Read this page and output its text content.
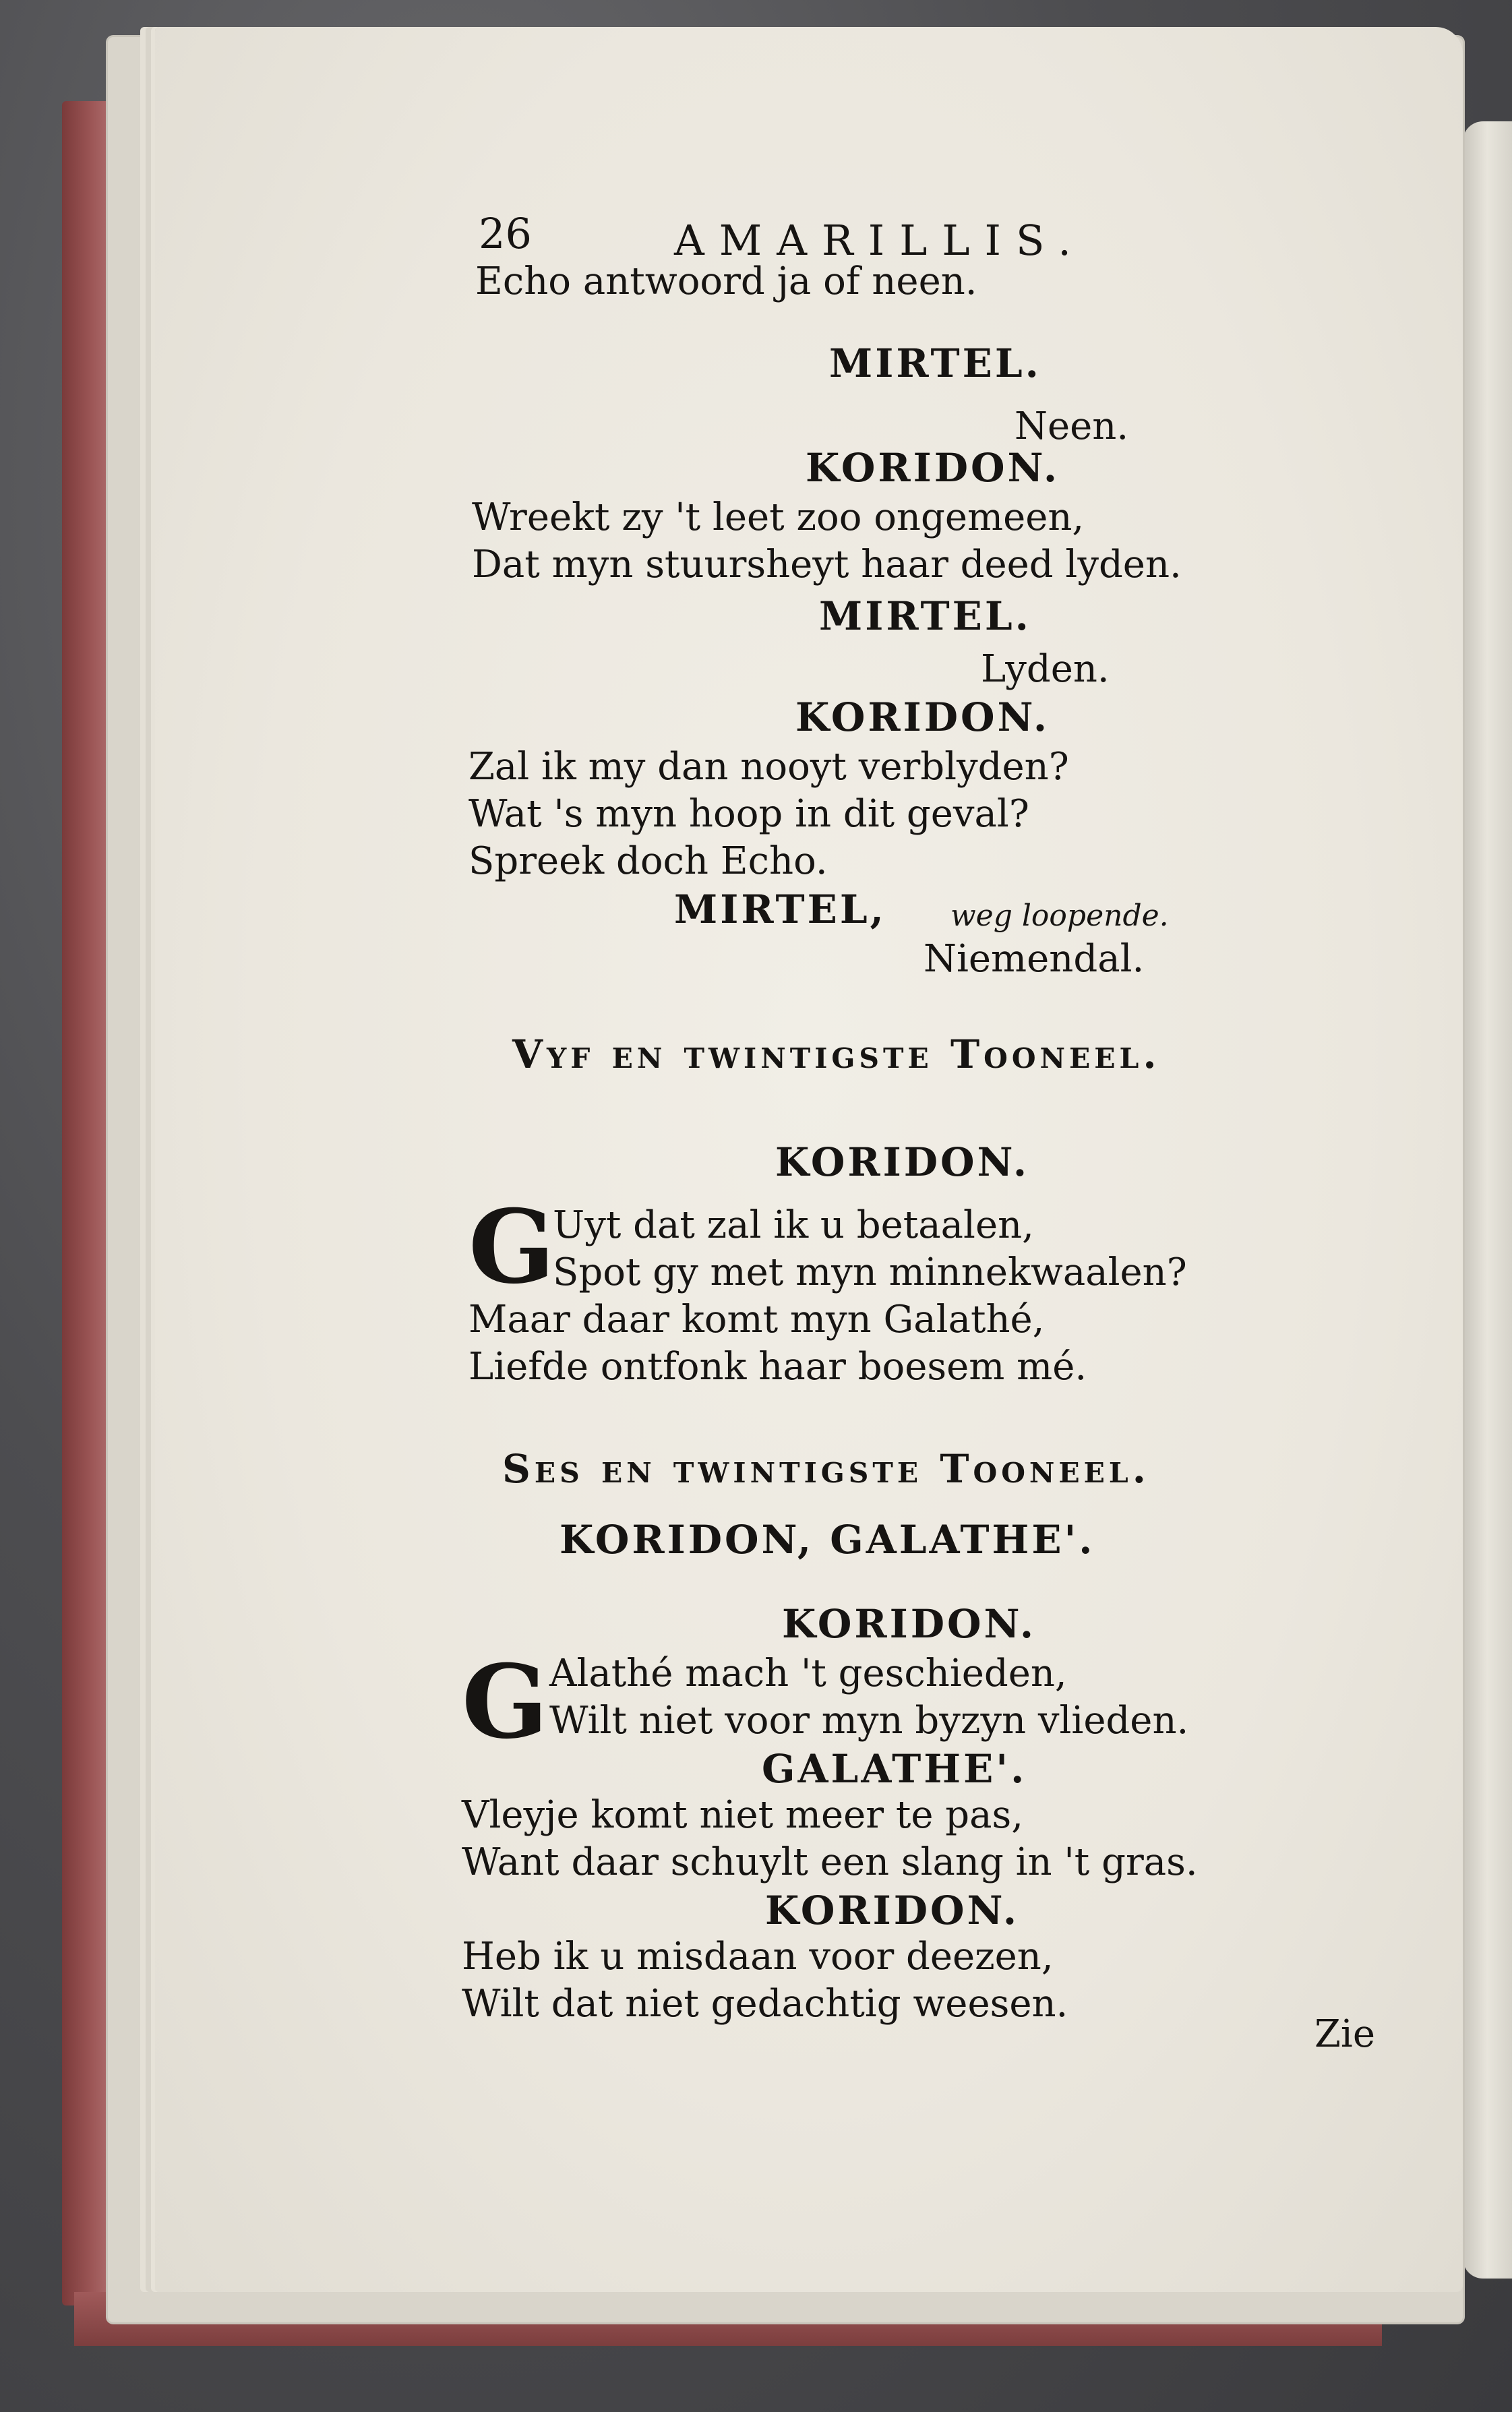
26	AMARILLIS.
Echo antwoord ja of neen.
MIRTEL.
Neen.
KORIDON.
Wreekt zy 't leet zoo ongemeen,
Dat myn stuursheyt haar deed lyden.
MIRTEL.
Lyden.
KORIDON.
Zal ik my dan nooyt verblyden?
Wat 's myn hoop in dit geval?
Spreek doch Echo.
MIRTEL, weg loopende.
Niemendal.
Vyf en twintigste Tooneel.
KORIDON.
G
Uyt dat zal ik u betaalen,
Spot gy met myn minnekwaalen?
Maar daar komt myn Galathé,
Liefde ontfonk haar boesem mé.
Ses en twintigste Tooneel.
KORIDON, GALATHE'.
KORIDON.
G Alathé mach 't geschieden,
Wilt niet voor myn byzyn vlieden.
GALATHE'.
Vleyje komt niet meer te pas,
Want daar schuylt een slang in 't gras.
KORIDON.
Heb ik u misdaan voor deezen,
Wilt dat niet gedachtig weesen.
Zie
